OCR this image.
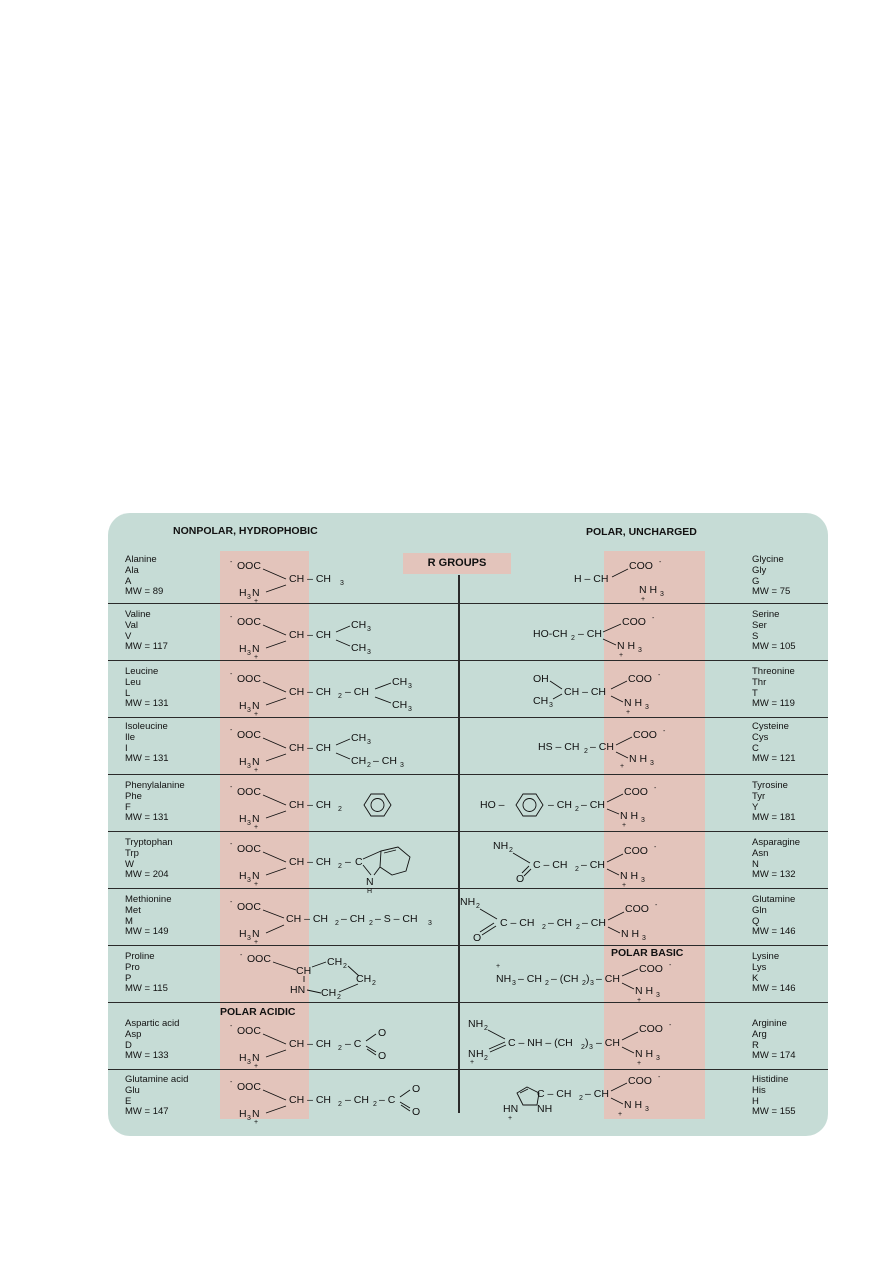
NONPOLAR, HYDROPHOBIC	POLAR, UNCHARGED
R GROUPS
POLAR BASIC
POLAR ACIDIC
Alanine
Ala
A
MW = 89
Valine
Val
V
MW = 117
Leucine
Leu
L
MW = 131
Isoleucine
Ile
I
MW = 131
Phenylalanine
Phe
F
MW = 131
Tryptophan
Trp
W
MW = 204
Methionine
Met
M
MW = 149
Proline
Pro
P
MW = 115
Aspartic acid
Asp
D
MW = 133
Glutamine acid
Glu
E
MW = 147
Glycine
Gly
G
MW = 75
Serine
Ser
S
MW = 105
Threonine
Thr
T
MW = 119
Cysteine
Cys
C
MW = 121
Tyrosine
Tyr
Y
MW = 181
Asparagine
Asn
N
MW = 132
Glutamine
Gln
Q
MW = 146
Lysine
Lys
K
MW = 146
Arginine
Arg
R
MW = 174
Histidine
His
H
MW = 155
- OOC
CH – CH 3
H 3 N
+
- OOC
CH – CH
CH 3
CH 3
H 3 N
+
- OOC
CH – CH 2 – CH
CH 3
CH 3
H 3 N
+
- OOC
CH – CH
CH 3
CH 2 – CH 3
H 3 N
+
- OOC
CH – CH 2
H 3 N
+
- OOC
CH – CH 2 – C
N
H
H 3 N
+
- OOC
CH – CH 2 – CH 2 – S – CH 3
H 3 N
+
- OOC
CH
CH 2
CH 2
HN CH 2
- OOC
CH – CH 2 – C
O
O
H 3 N
+
- OOC
CH – CH 2 – CH 2 – C
O
O
H 3 N
+
H – CH
COO -
N H 3
+
HO-CH 2 – CH
COO -
N H 3
+
OH
CH 3
CH – CH
COO -
N H 3
+
HS – CH 2 – CH
COO -
N H 3
+
HO –	– CH 2 – CH
COO -
N H 3
+
NH 2
O
C – CH 2 – CH
COO -
N H 3
+
NH 2
O
C – CH 2 – CH 2 – CH
COO -
N H 3
+
NH 3 – CH 2 – (CH 2 ) 3 – CH
COO -
N H 3
+
NH 2
N
+
H 2
C – NH – (CH 2 ) 3 – CH
COO -
N H 3
+
C – CH 2 – CH
COO -
N H 3
+
HN
+
NH
